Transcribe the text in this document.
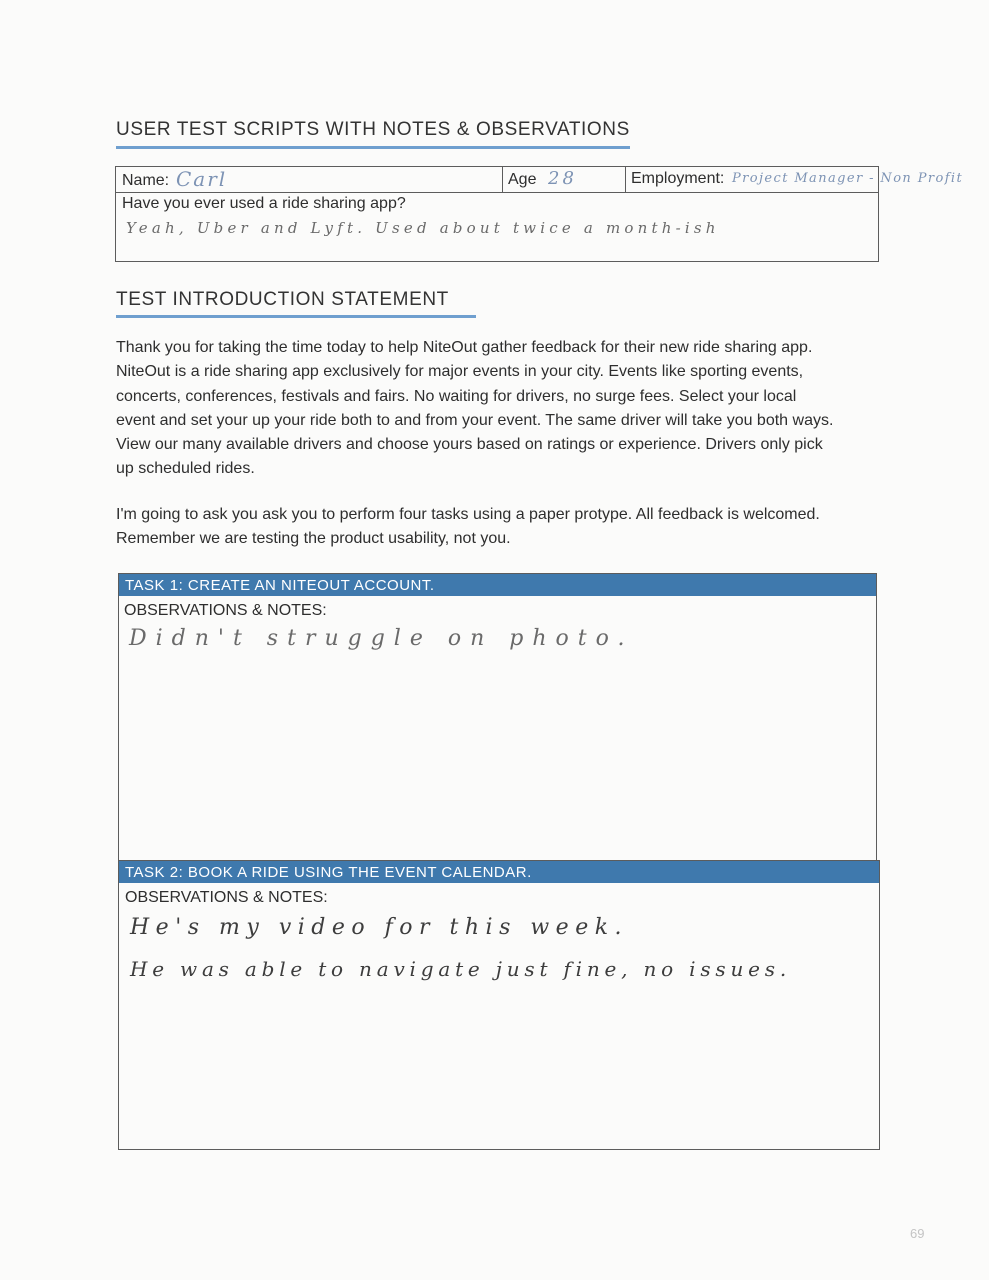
USER TEST SCRIPTS WITH NOTES & OBSERVATIONS
Name: Carl	Age 28	Employment: Project Manager - Non Profit
Have you ever used a ride sharing app?
Yeah, Uber and Lyft. Used about twice a month-ish
TEST INTRODUCTION STATEMENT

Thank you for taking the time today to help NiteOut gather feedback for their new ride sharing app.

NiteOut is a ride sharing app exclusively for major events in your city. Events like sporting events,

concerts, conferences, festivals and fairs. No waiting for drivers, no surge fees. Select your local

event and set your up your ride both to and from your event. The same driver will take you both ways.

View our many available drivers and choose yours based on ratings or experience. Drivers only pick

up scheduled rides.

I'm going to ask you ask you to perform four tasks using a paper protype. All feedback is welcomed.

Remember we are testing the product usability, not you.

TASK 1: CREATE AN NITEOUT ACCOUNT.
OBSERVATIONS & NOTES:
Didn't struggle on photo.
TASK 2: BOOK A RIDE USING THE EVENT CALENDAR.
OBSERVATIONS & NOTES:
He's my video for this week.
He was able to navigate just fine, no issues.
69
